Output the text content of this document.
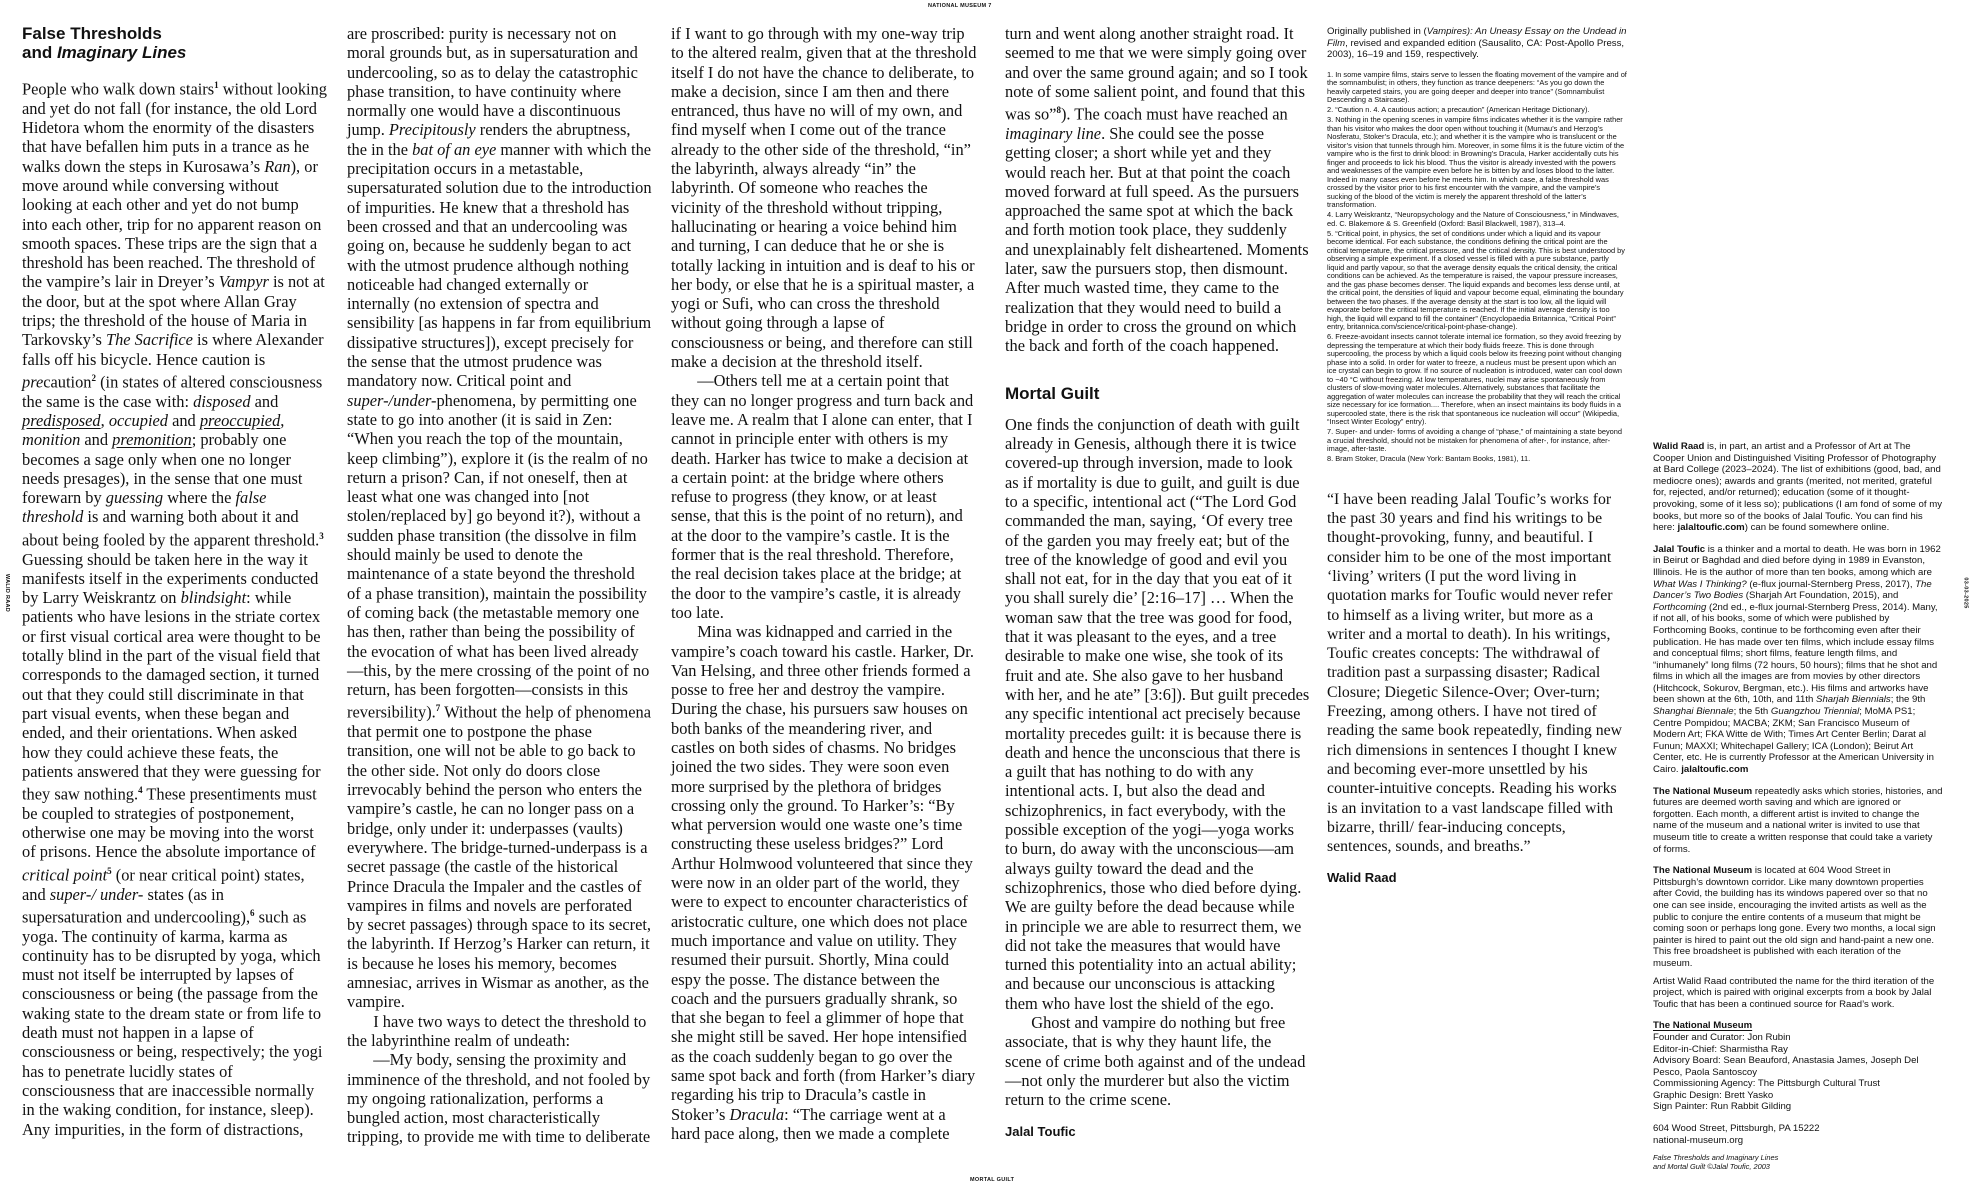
NATIONAL MUSEUM 7
MORTAL GUILT
WALID RAAD	03-03-2025
False Thresholds
and Imaginary Lines

People who walk down stairs$^1$ without looking and yet do not fall (for instance, the old Lord Hidetora whom the enormity of the disasters that have befallen him puts in a trance as he walks down the steps in Kurosawa’s Ran), or move around while conversing without looking at each other and yet do not bump into each other, trip for no apparent reason on smooth spaces. These trips are the sign that a threshold has been reached. The threshold of the vampire’s lair in Dreyer’s Vampyr is not at the door, but at the spot where Allan Gray trips; the threshold of the house of Maria in Tarkovsky’s The Sacrifice is where Alexander falls off his bicycle. Hence caution is precaution$^2$ (in states of altered consciousness the same is the case with: disposed and predisposed, occupied and preoccupied, monition and premonition; probably one becomes a sage only when one no longer needs presages), in the sense that one must forewarn by guessing where the false threshold is and warning both about it and about being fooled by the apparent threshold.$^3$ Guessing should be taken here in the way it manifests itself in the experiments conducted by Larry Weiskrantz on blindsight: while patients who have lesions in the striate cortex or first visual cortical area were thought to be totally blind in the part of the visual field that corresponds to the damaged section, it turned out that they could still discriminate in that part visual events, when these began and ended, and their orientations. When asked how they could achieve these feats, the patients answered that they were guessing for they saw nothing.$^4$ These presentiments must be coupled to strategies of postponement, otherwise one may be moving into the worst of prisons. Hence the absolute importance of critical point$^5$ (or near critical point) states, and super-/ under- states (as in supersaturation and undercooling),$^6$ such as yoga. The continuity of karma, karma as continuity has to be disrupted by yoga, which must not itself be interrupted by lapses of consciousness or being (the passage from the waking state to the dream state or from life to death must not happen in a lapse of consciousness or being, respectively; the yogi has to penetrate lucidly states of consciousness that are inaccessible normally in the waking condition, for instance, sleep). Any impurities, in the form of distractions,

are proscribed: purity is necessary not on moral grounds but, as in supersaturation and undercooling, so as to delay the catastrophic phase transition, to have continuity where normally one would have a discontinuous jump. Precipitously renders the abruptness, the in the bat of an eye manner with which the precipitation occurs in a metastable, supersaturated solution due to the introduction of impurities. He knew that a threshold has been crossed and that an undercooling was going on, because he suddenly began to act with the utmost prudence although nothing noticeable had changed externally or internally (no extension of spectra and sensibility [as happens in far from equilibrium dissipative structures]), except precisely for the sense that the utmost prudence was mandatory now. Critical point and super-/under-phenomena, by permitting one state to go into another (it is said in Zen: “When you reach the top of the mountain, keep climbing”), explore it (is the realm of no return a prison? Can, if not oneself, then at least what one was changed into [not stolen/replaced by] go beyond it?), without a sudden phase transition (the dissolve in film should mainly be used to denote the maintenance of a state beyond the threshold of a phase transition), maintain the possibility of coming back (the metastable memory one has then, rather than being the possibility of the evocation of what has been lived already—this, by the mere crossing of the point of no return, has been forgotten—consists in this reversibility).$^7$ Without the help of phenomena that permit one to postpone the phase transition, one will not be able to go back to the other side. Not only do doors close irrevocably behind the person who enters the vampire’s castle, he can no longer pass on a bridge, only under it: underpasses (vaults) everywhere. The bridge-turned-underpass is a secret passage (the castle of the historical Prince Dracula the Impaler and the castles of vampires in films and novels are perforated by secret passages) through space to its secret, the labyrinth. If Herzog’s Harker can return, it is because he loses his memory, becomes amnesiac, arrives in Wismar as another, as the vampire.

I have two ways to detect the threshold to the labyrinthine realm of undeath:

—My body, sensing the proximity and imminence of the threshold, and not fooled by my ongoing rationalization, performs a bungled action, most characteristically tripping, to provide me with time to deliberate

if I want to go through with my one-way trip to the altered realm, given that at the threshold itself I do not have the chance to deliberate, to make a decision, since I am then and there entranced, thus have no will of my own, and find myself when I come out of the trance already to the other side of the threshold, “in” the labyrinth, always already “in” the labyrinth. Of someone who reaches the vicinity of the threshold without tripping, hallucinating or hearing a voice behind him and turning, I can deduce that he or she is totally lacking in intuition and is deaf to his or her body, or else that he is a spiritual master, a yogi or Sufi, who can cross the threshold without going through a lapse of consciousness or being, and therefore can still make a decision at the threshold itself.

—Others tell me at a certain point that they can no longer progress and turn back and leave me. A realm that I alone can enter, that I cannot in principle enter with others is my death. Harker has twice to make a decision at a certain point: at the bridge where others refuse to progress (they know, or at least sense, that this is the point of no return), and at the door to the vampire’s castle. It is the former that is the real threshold. Therefore, the real decision takes place at the bridge; at the door to the vampire’s castle, it is already too late.

Mina was kidnapped and carried in the vampire’s coach toward his castle. Harker, Dr. Van Helsing, and three other friends formed a posse to free her and destroy the vampire. During the chase, his pursuers saw houses on both banks of the meandering river, and castles on both sides of chasms. No bridges joined the two sides. They were soon even more surprised by the plethora of bridges crossing only the ground. To Harker’s: “By what perversion would one waste one’s time constructing these useless bridges?” Lord Arthur Holmwood volunteered that since they were now in an older part of the world, they were to expect to encounter characteristics of aristocratic culture, one which does not place much importance and value on utility. They resumed their pursuit. Shortly, Mina could espy the posse. The distance between the coach and the pursuers gradually shrank, so that she began to feel a glimmer of hope that she might still be saved. Her hope intensified as the coach suddenly began to go over the same spot back and forth (from Harker’s diary regarding his trip to Dracula’s castle in Stoker’s Dracula: “The carriage went at a hard pace along, then we made a complete

turn and went along another straight road. It seemed to me that we were simply going over and over the same ground again; and so I took note of some salient point, and found that this was so”$^8$). The coach must have reached an imaginary line. She could see the posse getting closer; a short while yet and they would reach her. But at that point the coach moved forward at full speed. As the pursuers approached the same spot at which the back and forth motion took place, they suddenly and unexplainably felt disheartened. Moments later, saw the pursuers stop, then dismount. After much wasted time, they came to the realization that they would need to build a bridge in order to cross the ground on which the back and forth of the coach happened.

Mortal Guilt

One finds the conjunction of death with guilt already in Genesis, although there it is twice covered-up through inversion, made to look as if mortality is due to guilt, and guilt is due to a specific, intentional act (“The Lord God commanded the man, saying, ‘Of every tree of the garden you may freely eat; but of the tree of the knowledge of good and evil you shall not eat, for in the day that you eat of it you shall surely die’ [2:16–17] … When the woman saw that the tree was good for food, that it was pleasant to the eyes, and a tree desirable to make one wise, she took of its fruit and ate. She also gave to her husband with her, and he ate” [3:6]). But guilt precedes any specific intentional act precisely because mortality precedes guilt: it is because there is death and hence the unconscious that there is a guilt that has nothing to do with any intentional acts. I, but also the dead and schizophrenics, in fact everybody, with the possible exception of the yogi—yoga works to burn, do away with the unconscious—am always guilty toward the dead and the schizophrenics, those who died before dying. We are guilty before the dead because while in principle we are able to resurrect them, we did not take the measures that would have turned this potentiality into an actual ability; and because our unconscious is attacking them who have lost the shield of the ego.

Ghost and vampire do nothing but free associate, that is why they haunt life, the scene of crime both against and of the undead—not only the murderer but also the victim return to the crime scene.

Jalal Toufic
Originally published in (Vampires): An Uneasy Essay on the Undead in Film, revised and expanded edition (Sausalito, CA: Post-Apollo Press, 2003), 16–19 and 159, respectively.

1. In some vampire films, stairs serve to lessen the floating movement of the vampire and of the somnambulist; in others, they function as trance deepeners: “As you go down the heavily carpeted stairs, you are going deeper and deeper into trance” (Somnambulist Descending a Staircase).

2. “Caution n. 4. A cautious action; a precaution” (American Heritage Dictionary).

3. Nothing in the opening scenes in vampire films indicates whether it is the vampire rather than his visitor who makes the door open without touching it (Murnau’s and Herzog’s Nosferatu, Stoker’s Dracula, etc.); and whether it is the vampire who is translucent or the visitor’s vision that tunnels through him. Moreover, in some films it is the future victim of the vampire who is the first to drink blood: in Browning’s Dracula, Harker accidentally cuts his finger and proceeds to lick his blood. Thus the visitor is already invested with the powers and weaknesses of the vampire even before he is bitten by and loses blood to the latter. Indeed in many cases even before he meets him. In which case, a false threshold was crossed by the visitor prior to his first encounter with the vampire, and the vampire’s sucking of the blood of the victim is merely the apparent threshold of the latter’s transformation.

4. Larry Weiskrantz, “Neuropsychology and the Nature of Consciousness,” in Mindwaves, ed. C. Blakemore & S. Greenfield (Oxford: Basil Blackwell, 1987), 313–4.

5. “Critical point, in physics, the set of conditions under which a liquid and its vapour become identical. For each substance, the conditions defining the critical point are the critical temperature, the critical pressure, and the critical density. This is best understood by observing a simple experiment. If a closed vessel is filled with a pure substance, partly liquid and partly vapour, so that the average density equals the critical density, the critical conditions can be achieved. As the temperature is raised, the vapour pressure increases, and the gas phase becomes denser. The liquid expands and becomes less dense until, at the critical point, the densities of liquid and vapour become equal, eliminating the boundary between the two phases. If the average density at the start is too low, all the liquid will evaporate before the critical temperature is reached. If the initial average density is too high, the liquid will expand to fill the container” (Encyclopaedia Britannica, “Critical Point” entry, britannica.com/science/critical-point-phase-change).

6. Freeze-avoidant insects cannot tolerate internal ice formation, so they avoid freezing by depressing the temperature at which their body fluids freeze. This is done through supercooling, the process by which a liquid cools below its freezing point without changing phase into a solid. In order for water to freeze, a nucleus must be present upon which an ice crystal can begin to grow. If no source of nucleation is introduced, water can cool down to −40 °C without freezing. At low temperatures, nuclei may arise spontaneously from clusters of slow-moving water molecules. Alternatively, substances that facilitate the aggregation of water molecules can increase the probability that they will reach the critical size necessary for ice formation.... Therefore, when an insect maintains its body fluids in a supercooled state, there is the risk that spontaneous ice nucleation will occur” (Wikipedia, “Insect Winter Ecology” entry).

7. Super- and under- forms of avoiding a change of “phase,” of maintaining a state beyond a crucial threshold, should not be mistaken for phenomena of after-, for instance, after-image, after-taste.

8. Bram Stoker, Dracula (New York: Bantam Books, 1981), 11.

“I have been reading Jalal Toufic’s works for the past 30 years and find his writings to be thought-provoking, funny, and beautiful. I consider him to be one of the most important ‘living’ writers (I put the word living in quotation marks for Toufic would never refer to himself as a living writer, but more as a writer and a mortal to death). In his writings, Toufic creates concepts: The withdrawal of tradition past a surpassing disaster; Radical Closure; Diegetic Silence-Over; Over-turn; Freezing, among others. I have not tired of reading the same book repeatedly, finding new rich dimensions in sentences I thought I knew and becoming ever-more unsettled by his counter-intuitive concepts. Reading his works is an invitation to a vast landscape filled with bizarre, thrill/ fear-inducing concepts, sentences, sounds, and breaths.”
Walid Raad

Walid Raad is, in part, an artist and a Professor of Art at The Cooper Union and Distinguished Visiting Professor of Photography at Bard College (2023–2024). The list of exhibitions (good, bad, and mediocre ones); awards and grants (merited, not merited, grateful for, rejected, and/or returned); education (some of it thought-provoking, some of it less so); publications (I am fond of some of my books, but more so of the books of Jalal Toufic. You can find his here: jalaltoufic.com) can be found somewhere online.

Jalal Toufic is a thinker and a mortal to death. He was born in 1962 in Beirut or Baghdad and died before dying in 1989 in Evanston, Illinois. He is the author of more than ten books, among which are What Was I Thinking? (e-flux journal-Sternberg Press, 2017), The Dancer’s Two Bodies (Sharjah Art Foundation, 2015), and Forthcoming (2nd ed., e-flux journal-Sternberg Press, 2014). Many, if not all, of his books, some of which were published by Forthcoming Books, continue to be forthcoming even after their publication. He has made over ten films, which include essay films and conceptual films; short films, feature length films, and “inhumanely” long films (72 hours, 50 hours); films that he shot and films in which all the images are from movies by other directors (Hitchcock, Sokurov, Bergman, etc.). His films and artworks have been shown at the 6th, 10th, and 11th Sharjah Biennials; the 9th Shanghai Biennale; the 5th Guangzhou Triennial; MoMA PS1; Centre Pompidou; MACBA; ZKM; San Francisco Museum of Modern Art; FKA Witte de With; Times Art Center Berlin; Darat al Funun; MAXXI; Whitechapel Gallery; ICA (London); Beirut Art Center, etc. He is currently Professor at the American University in Cairo. jalaltoufic.com

The National Museum repeatedly asks which stories, histories, and futures are deemed worth saving and which are ignored or forgotten. Each month, a different artist is invited to change the name of the museum and a national writer is invited to use that museum title to create a written response that could take a variety of forms.

The National Museum is located at 604 Wood Street in Pittsburgh’s downtown corridor. Like many downtown properties after Covid, the building has its windows papered over so that no one can see inside, encouraging the invited artists as well as the public to conjure the entire contents of a museum that might be coming soon or perhaps long gone. Every two months, a local sign painter is hired to paint out the old sign and hand-paint a new one. This free broadsheet is published with each iteration of the museum.

Artist Walid Raad contributed the name for the third iteration of the project, which is paired with original excerpts from a book by Jalal Toufic that has been a continued source for Raad’s work.

The National Museum
Founder and Curator: Jon Rubin
Editor-in-Chief: Sharmistha Ray
Advisory Board: Sean Beauford, Anastasia James, Joseph Del Pesco, Paola Santoscoy
Commissioning Agency: The Pittsburgh Cultural Trust
Graphic Design: Brett Yasko
Sign Painter: Run Rabbit Gilding
604 Wood Street, Pittsburgh, PA 15222
national-museum.org
False Thresholds and Imaginary Lines
and Mortal Guilt ©Jalal Toufic, 2003
